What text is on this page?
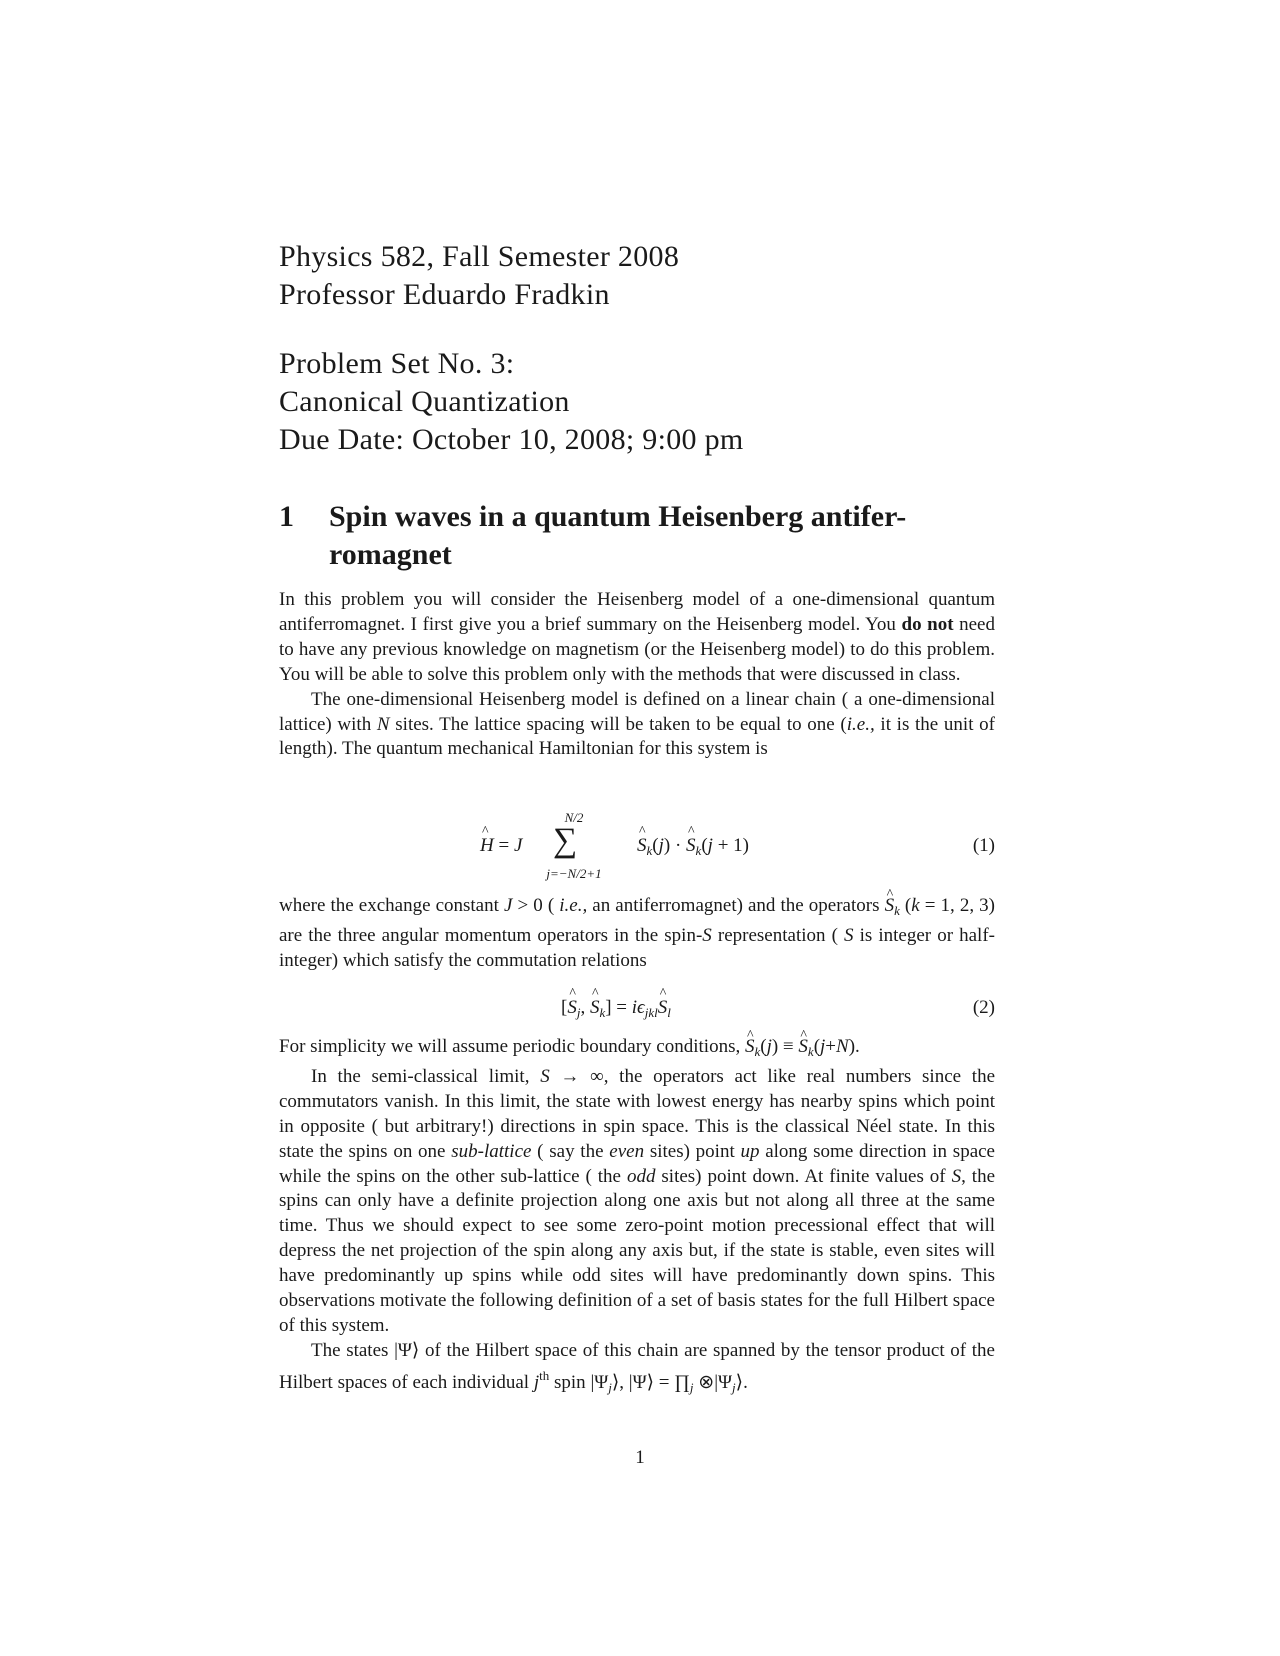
Physics 582, Fall Semester 2008
Professor Eduardo Fradkin
Problem Set No. 3:
Canonical Quantization
Due Date: October 10, 2008; 9:00 pm
1 Spin waves in a quantum Heisenberg antifer-
romagnet

In this problem you will consider the Heisenberg model of a one-dimensional quantum antiferromagnet. I first give you a brief summary on the Heisenberg model. You do not need to have any previous knowledge on magnetism (or the Heisenberg model) to do this problem. You will be able to solve this problem only with the methods that were discussed in class.

The one-dimensional Heisenberg model is defined on a linear chain ( a one-dimensional lattice) with N sites. The lattice spacing will be taken to be equal to one (i.e., it is the unit of length). The quantum mechanical Hamiltonian for this system is

^ H = J
N/2
∑
j=−N/2+1
^ $S_k(j)$ · ^ $S_k(j + 1)$	(1)

where the exchange constant J > 0 ( i.e., an antiferromagnet) and the operators ^ $S_k$ (k = 1, 2, 3) are the three angular momentum operators in the spin-S representation ( S is integer or half-integer) which satisfy the commutation relations

[^ $S_j$, ^ $S_k$] = $i\epsilon_{jkl}\^{}$ $S_l$	(2)

For simplicity we will assume periodic boundary conditions, ^ $S_k(j)$ ≡ ^ $S_k(j+N)$.

In the semi-classical limit, S → ∞, the operators act like real numbers since the commutators vanish. In this limit, the state with lowest energy has nearby spins which point in opposite ( but arbitrary!) directions in spin space. This is the classical Néel state. In this state the spins on one sub-lattice ( say the even sites) point up along some direction in space while the spins on the other sub-lattice ( the odd sites) point down. At finite values of S, the spins can only have a definite projection along one axis but not along all three at the same time. Thus we should expect to see some zero-point motion precessional effect that will depress the net projection of the spin along any axis but, if the state is stable, even sites will have predominantly up spins while odd sites will have predominantly down spins. This observations motivate the following definition of a set of basis states for the full Hilbert space of this system.

The states |Ψ⟩ of the Hilbert space of this chain are spanned by the tensor product of the Hilbert spaces of each individual $j^{th}$ spin $|\Psi_j⟩$, |Ψ⟩ = $\prod_j$ $\otimes|\Psi_j⟩$.

1
